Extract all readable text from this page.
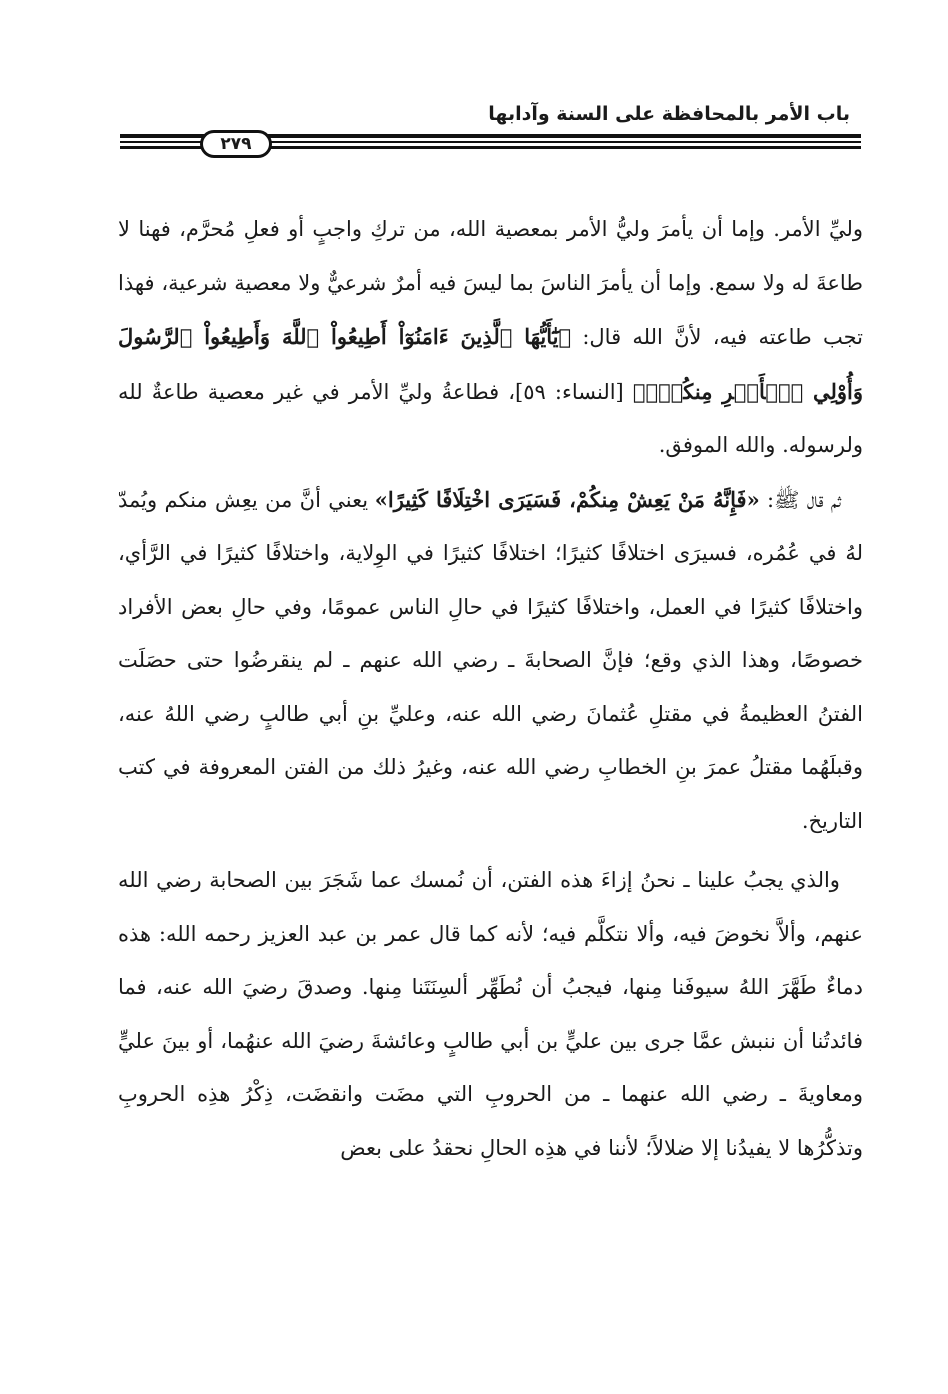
باب الأمر بالمحافظة على السنة وآدابها
٢٧٩

وليِّ الأمر. وإما أن يأمرَ وليُّ الأمر بمعصية الله، من تركِ واجبٍ أو فعلِ مُحرَّم، فهنا لا طاعةَ له ولا سمع. وإما أن يأمرَ الناسَ بما ليسَ فيه أمرٌ شرعيٌّ ولا معصية شرعية، فهذا تجب طاعته فيه، لأنَّ الله قال: ﴿يَٰٓأَيُّهَا ٱلَّذِينَ ءَامَنُوٓاْ أَطِيعُواْ ٱللَّهَ وَأَطِيعُواْ ٱلرَّسُولَ وَأُوْلِي ٱلۡأَمۡرِ مِنكُمۡۖ﴾ [النساء: ٥٩]، فطاعةُ وليِّ الأمر في غير معصية طاعةٌ لله ولرسوله. والله الموفق.

ثم قال ﷺ: «فَإِنَّهُ مَنْ يَعِشْ مِنكُمْ، فَسَيَرَى اخْتِلَافًا كَثِيرًا» يعني أنَّ من يعِش منكم ويُمدّ لهُ في عُمُره، فسيرَى اختلافًا كثيرًا؛ اختلافًا كثيرًا في الوِلاية، واختلافًا كثيرًا في الرَّأي، واختلافًا كثيرًا في العمل، واختلافًا كثيرًا في حالِ الناس عمومًا، وفي حالِ بعض الأفراد خصوصًا، وهذا الذي وقع؛ فإنَّ الصحابةَ ـ رضي الله عنهم ـ لم ينقرضُوا حتى حصَلَت الفتنُ العظيمةُ في مقتلِ عُثمانَ رضي الله عنه، وعليِّ بنِ أبي طالبٍ رضي اللهُ عنه، وقبلَهُما مقتلُ عمرَ بنِ الخطابِ رضي الله عنه، وغيرُ ذلك من الفتن المعروفة في كتب التاريخ.

والذي يجبُ علينا ـ نحنُ إزاءَ هذه الفتن، أن نُمسك عما شَجَرَ بين الصحابة رضي الله عنهم، وألاَّ نخوضَ فيه، وألا نتكلَّم فيه؛ لأنه كما قال عمر بن عبد العزيز رحمه الله: هذه دماءٌ طَهَّرَ اللهُ سيوفَنا مِنها، فيجبُ أن نُطَهِّر ألسِنَتَنا مِنها. وصدقَ رضيَ الله عنه، فما فائدتُنا أن ننبش عمَّا جرى بين عليٍّ بن أبي طالبٍ وعائشةَ رضيَ الله عنهُما، أو بينَ عليٍّ ومعاويةَ ـ رضي الله عنهما ـ من الحروبِ التي مضَت وانقضَت، ذِكْرُ هذِه الحروبِ وتذكُّرُها لا يفيدُنا إلا ضلالاً؛ لأننا في هذِه الحالِ نحقدُ على بعض
